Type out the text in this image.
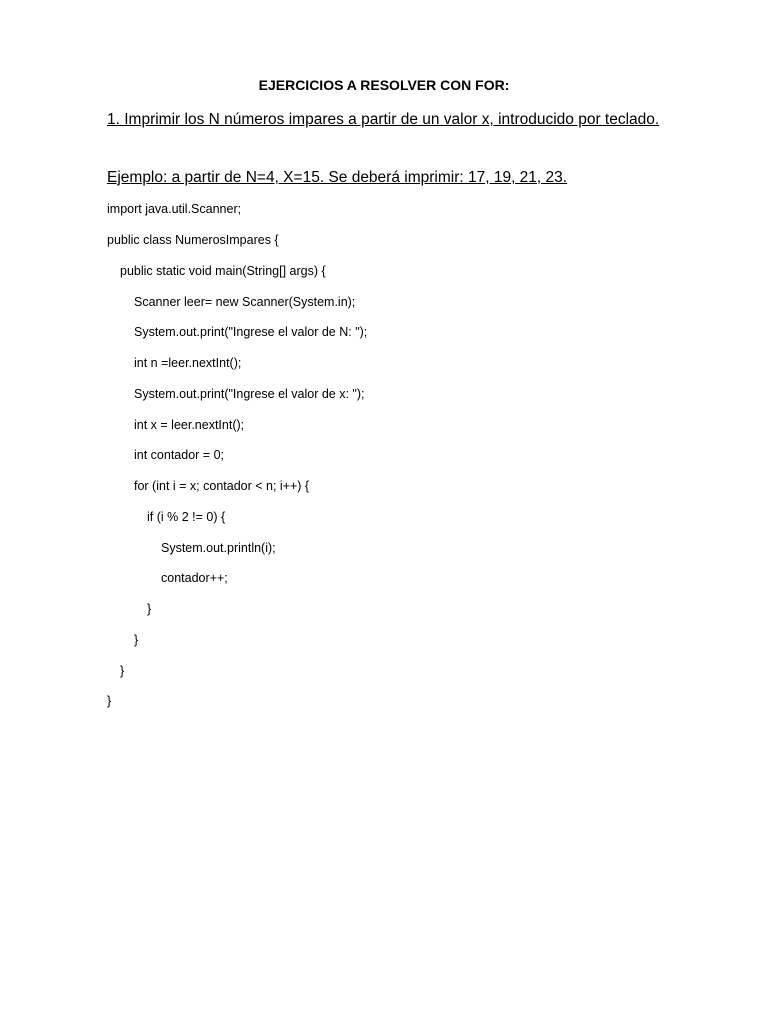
EJERCICIOS A RESOLVER CON FOR:
1. Imprimir los N números impares a partir de un valor x, introducido por teclado.
Ejemplo: a partir de N=4, X=15. Se deberá imprimir: 17, 19, 21, 23.
import java.util.Scanner;
public class NumerosImpares {
public static void main(String[] args) {
Scanner leer= new Scanner(System.in);
System.out.print("Ingrese el valor de N: ");
int n =leer.nextInt();
System.out.print("Ingrese el valor de x: ");
int x = leer.nextInt();
int contador = 0;
for (int i = x; contador < n; i++) {
if (i % 2 != 0) {
System.out.println(i);
contador++;
}
}
}
}
